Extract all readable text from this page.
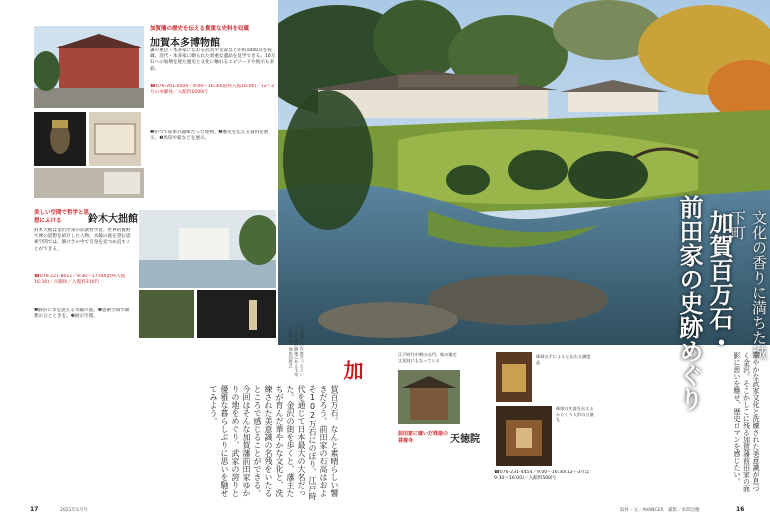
文化の香りに満ちた城下町
加賀百万石・
前田家の史跡めぐり
加賀藩主の作庭だったという金沢城の跡地にある玉泉院丸庭園。池泉回遊式
華やかな武家文化と洗練された美意識が息づく金沢。そこかしこに残る加賀藩前田家の面影に思いを馳せ、歴史ロマンを感じたい。
加賀藩の歴史を伝える貴重な史料を収蔵
加賀本多博物館
藩の重臣・本多家に伝わる武具や文書などが約1000点を収蔵。近代・本多家に贈られた貴重な遺品を見学できる。10万石への加増を経た歴史と文化に触れるエピソードや展示も多彩。
☎076-261-0500／9:00～16:30(最終入館16:00)／12～2月の木曜休／入館料1000円
❶かつて陸軍兵器庫だった建物。❷歴史を伝える資料を展示。❸馬印や鎧などを展示。
美しい空間で哲学と思想にふける	鈴木大拙館
鈴木大拙は金沢出身の仏教哲学者。世界的視野で禅の思想を紹介した人物。水鏡の庭を望む思索空間では、静けさの中で自身を見つめ直すことができる。
☎076-221-8011／9:30～17:00(最終入館16:30)／月曜休／入館料310円
❶静かに水を湛える水鏡の庭。❷思索空間で瞑想のひとときを。❸展示空間。
加
賀百万石。なんと素晴らしい響きだろう。前田家の石高はおよそ102万石にのぼり、江戸時代を通じて日本最大の大名だった。金沢の街を歩くと、藩主たちが育んだ華やかな文化と、洗練された美意識の名残をいたるところで感じることができる。今回はそんな加賀藩前田家ゆかりの地をめぐり、武家の誇りと優雅な暮らしぶりに思いを馳せてみよう。
江戸時代中期の山門。県の指定文化財にもなっている
珠姫の手によると伝わる調度品
珠姫の生涯を伝えるからくり人形の公演も
前田家に嫁いだ珠姫の菩提寺	天徳院
☎076-231-4454／9:00～16:30(12～3月は9:30～16:00)／入館料500円
17	2021年2月号	取材・文／AVANCER　撮影／本間昌樹	16
